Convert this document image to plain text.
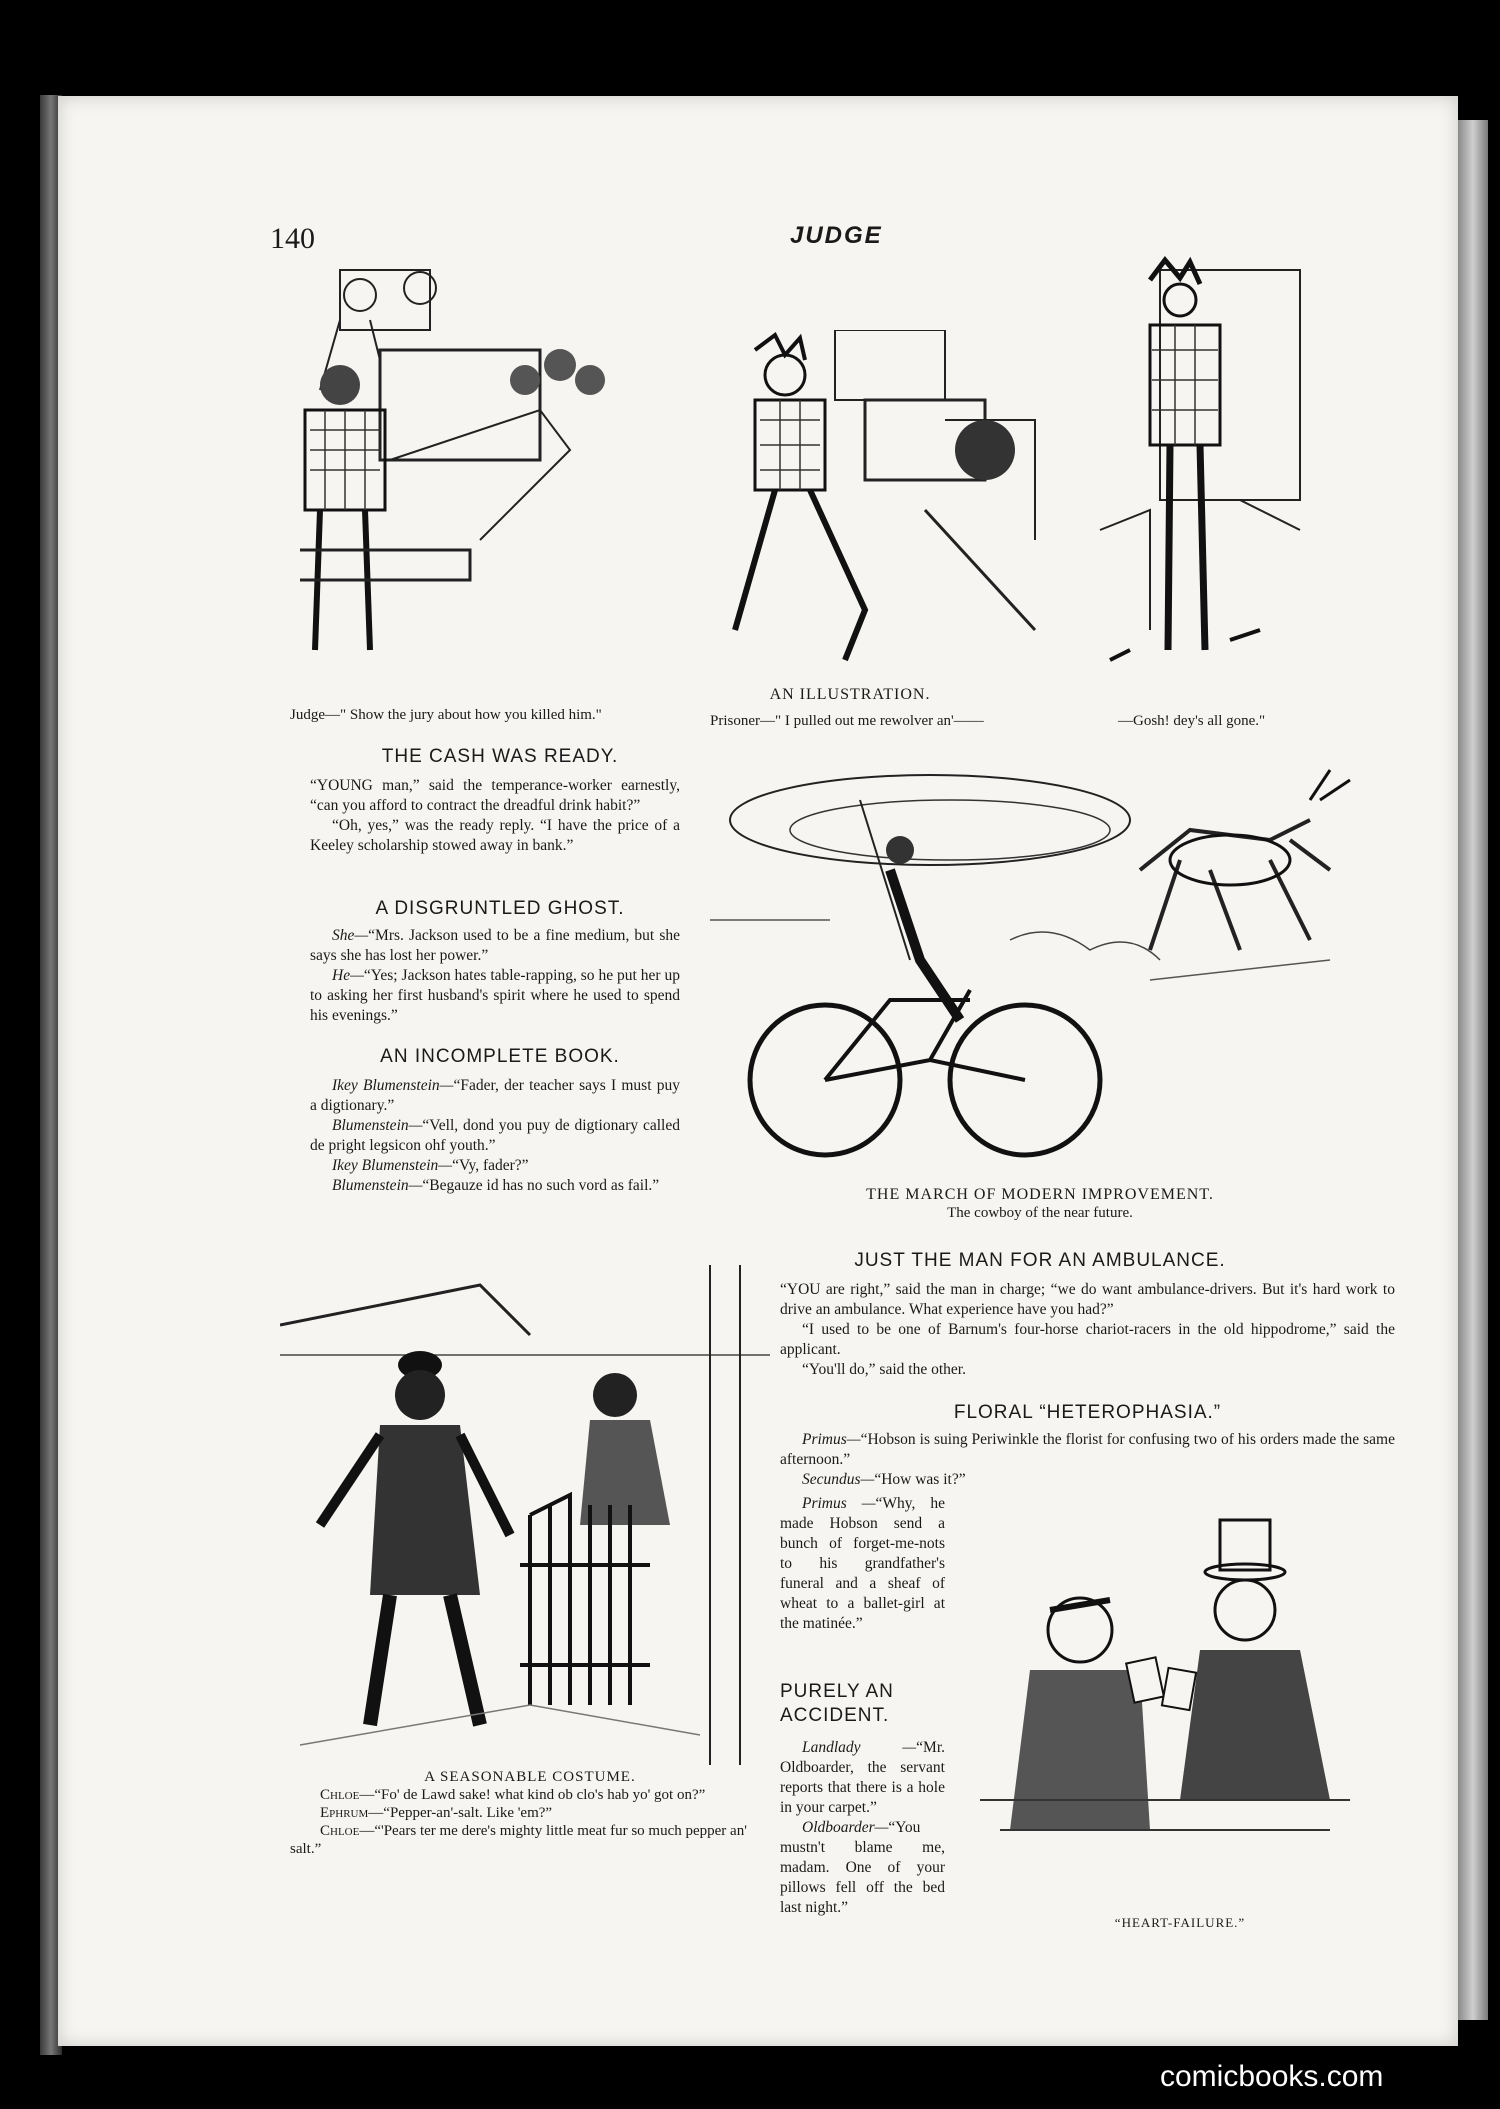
140	JUDGE
Judge—" Show the jury about how you killed him."
AN ILLUSTRATION.
Prisoner—" I pulled out me rewolver an'——	—Gosh! dey's all gone."
THE CASH WAS READY.

“YOUNG man,” said the temperance-worker earnestly, “can you afford to contract the dreadful drink habit?”

“Oh, yes,” was the ready reply. “I have the price of a Keeley scholarship stowed away in bank.”

A DISGRUNTLED GHOST.

She—“Mrs. Jackson used to be a fine medium, but she says she has lost her power.”

He—“Yes; Jackson hates table-rapping, so he put her up to asking her first husband's spirit where he used to spend his evenings.”

AN INCOMPLETE BOOK.

Ikey Blumenstein—“Fader, der teacher says I must puy a digtionary.”

Blumenstein—“Vell, dond you puy de digtionary called de pright legsicon ohf youth.”

Ikey Blumenstein—“Vy, fader?”

Blumenstein—“Begauze id has no such vord as fail.”

THE MARCH OF MODERN IMPROVEMENT.
The cowboy of the near future.
JUST THE MAN FOR AN AMBULANCE.

“YOU are right,” said the man in charge; “we do want ambulance-drivers. But it's hard work to drive an ambulance. What experience have you had?”

“I used to be one of Barnum's four-horse chariot-racers in the old hippodrome,” said the applicant.

“You'll do,” said the other.

FLORAL “HETEROPHASIA.”

Primus—“Hobson is suing Periwinkle the florist for confusing two of his orders made the same afternoon.”

Secundus—“How was it?”

Primus —“Why, he made Hobson send a bunch of forget-me-nots to his grandfather's funeral and a sheaf of wheat to a ballet-girl at the matinée.”

PURELY AN ACCIDENT.

Landlady —“Mr. Oldboarder, the servant reports that there is a hole in your carpet.”

Oldboarder—“You mustn't blame me, madam. One of your pillows fell off the bed last night.”

A SEASONABLE COSTUME.
Chloe—“Fo' de Lawd sake! what kind ob clo's hab yo' got on?”
Ephrum—“Pepper-an'-salt. Like 'em?”
Chloe—“'Pears ter me dere's mighty little meat fur so much pepper an' salt.”
“HEART-FAILURE.”
comicbooks.com
